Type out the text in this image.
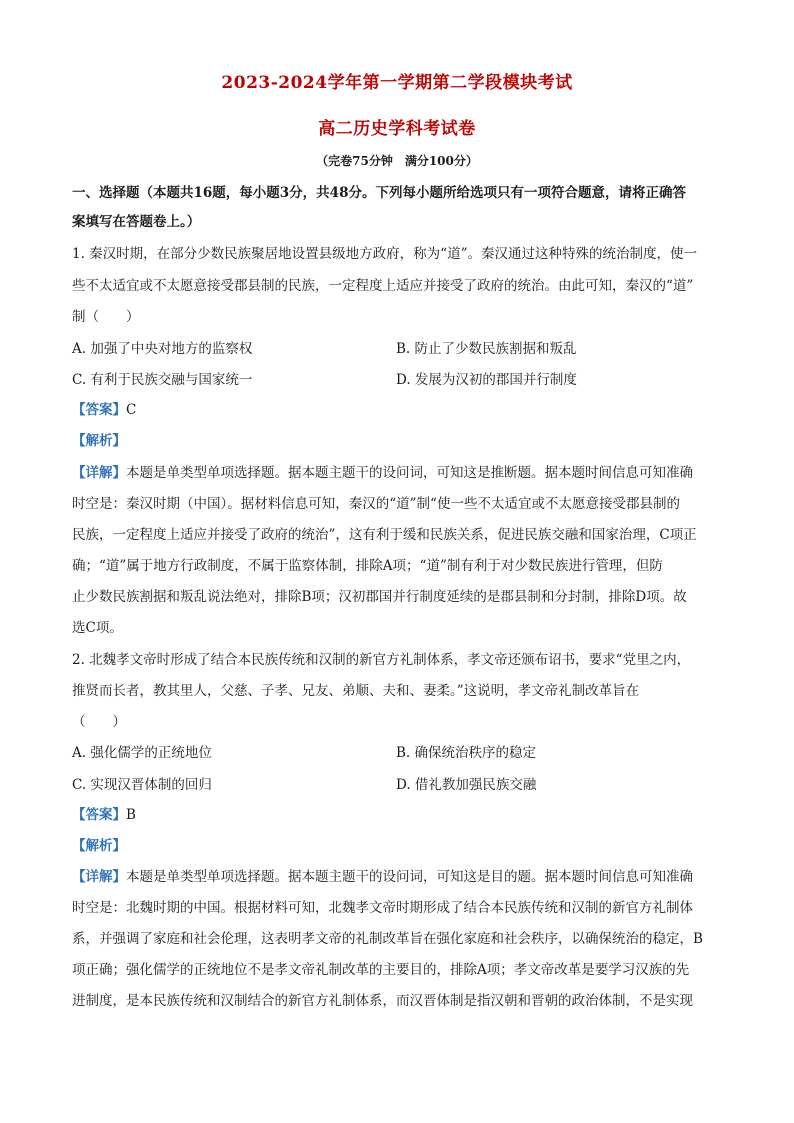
2023-2024学年第一学期第二学段模块考试
高二历史学科考试卷
（完卷75分钟　满分100分）
一、选择题（本题共16题，每小题3分，共48分。下列每小题所给选项只有一项符合题意，请将正确答
案填写在答题卷上。）
1. 秦汉时期，在部分少数民族聚居地设置县级地方政府，称为“道”。秦汉通过这种特殊的统治制度，使一
些不太适宜或不太愿意接受郡县制的民族，一定程度上适应并接受了政府的统治。由此可知，秦汉的“道”
制（　　）
A. 加强了中央对地方的监察权	B. 防止了少数民族割据和叛乱
C. 有利于民族交融与国家统一	D. 发展为汉初的郡国并行制度
【答案】C
【解析】
【详解】本题是单类型单项选择题。据本题主题干的设问词，可知这是推断题。据本题时间信息可知准确
时空是：秦汉时期（中国）。据材料信息可知，秦汉的“道”制“使一些不太适宜或不太愿意接受郡县制的
民族，一定程度上适应并接受了政府的统治”，这有利于缓和民族关系，促进民族交融和国家治理，C项正
确；“道”属于地方行政制度，不属于监察体制，排除A项；“道”制有利于对少数民族进行管理，但防
止少数民族割据和叛乱说法绝对，排除B项；汉初郡国并行制度延续的是郡县制和分封制，排除D项。故
选C项。
2. 北魏孝文帝时形成了结合本民族传统和汉制的新官方礼制体系，孝文帝还颁布诏书，要求“党里之内，
推贤而长者，教其里人，父慈、子孝、兄友、弟顺、夫和、妻柔。”这说明，孝文帝礼制改革旨在
（　　）
A. 强化儒学的正统地位	B. 确保统治秩序的稳定
C. 实现汉晋体制的回归	D. 借礼教加强民族交融
【答案】B
【解析】
【详解】本题是单类型单项选择题。据本题主题干的设问词，可知这是目的题。据本题时间信息可知准确
时空是：北魏时期的中国。根据材料可知，北魏孝文帝时期形成了结合本民族传统和汉制的新官方礼制体
系，并强调了家庭和社会伦理，这表明孝文帝的礼制改革旨在强化家庭和社会秩序，以确保统治的稳定，B
项正确；强化儒学的正统地位不是孝文帝礼制改革的主要目的，排除A项；孝文帝改革是要学习汉族的先
进制度，是本民族传统和汉制结合的新官方礼制体系，而汉晋体制是指汉朝和晋朝的政治体制，不是实现
